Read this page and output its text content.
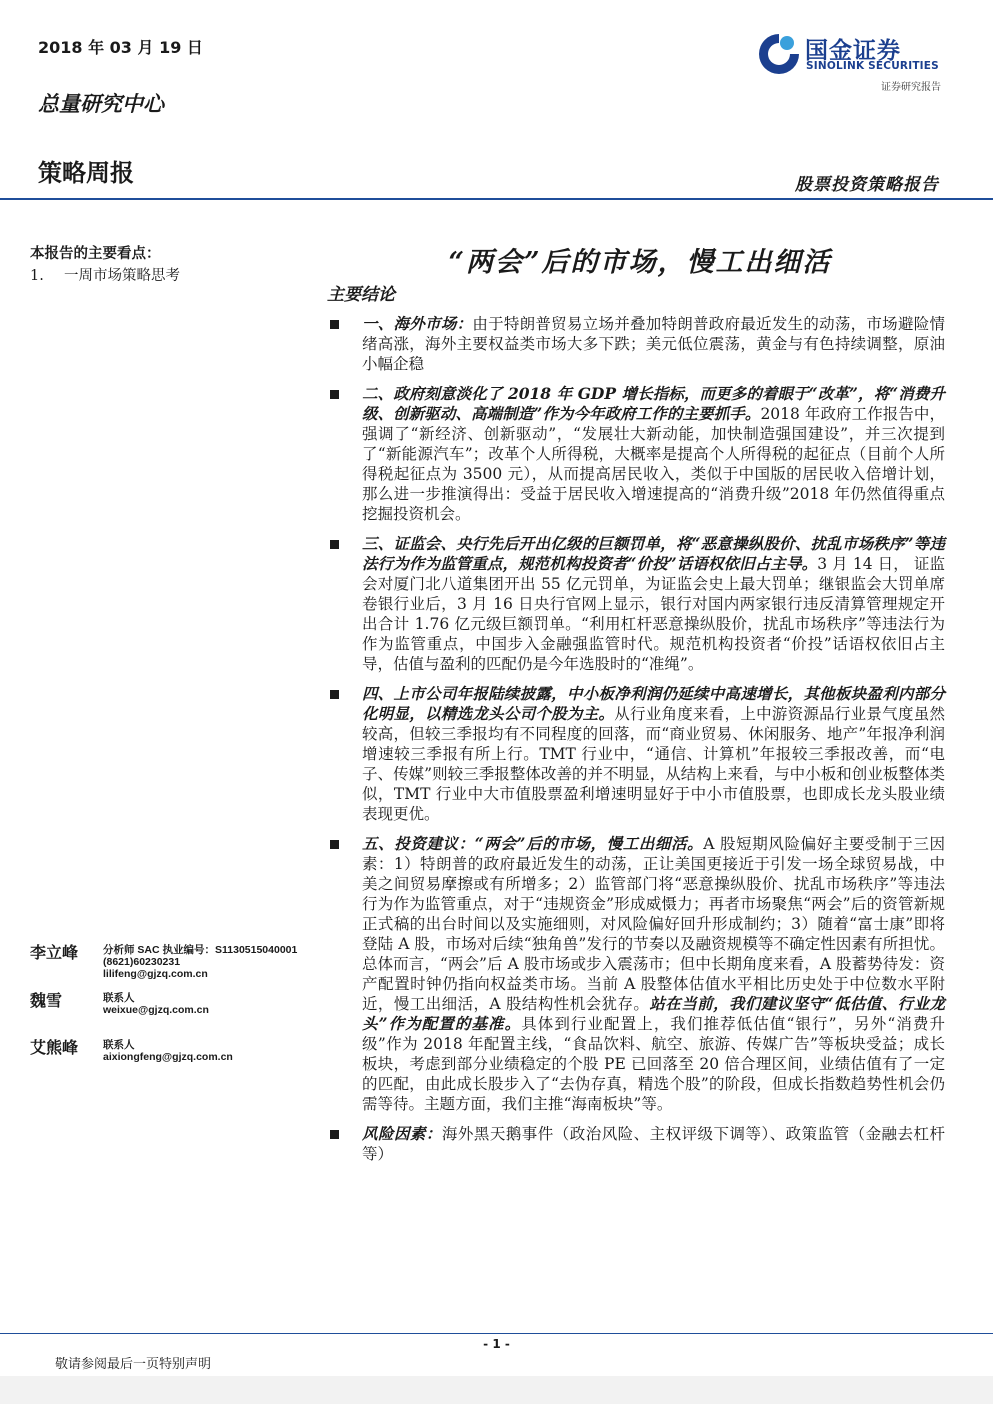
2018 年 03 月 19 日
总量研究中心
策略周报	股票投资策略报告
国金证券
SINOLINK SECURITIES
证券研究报告
本报告的主要看点：
1. 一周市场策略思考	“两会”后的市场，慢工出细活
主要结论

一、海外市场：由于特朗普贸易立场并叠加特朗普政府最近发生的动荡，市场避险情绪高涨，海外主要权益类市场大多下跌；美元低位震荡，黄金与有色持续调整，原油小幅企稳

二、政府刻意淡化了 2018 年 GDP 增长指标，而更多的着眼于“改革”，将“消费升级、创新驱动、高端制造”作为今年政府工作的主要抓手。2018 年政府工作报告中，强调了“新经济、创新驱动”，“发展壮大新动能，加快制造强国建设”，并三次提到了“新能源汽车”；改革个人所得税，大概率是提高个人所得税的起征点（目前个人所得税起征点为 3500 元），从而提高居民收入，类似于中国版的居民收入倍增计划，那么进一步推演得出：受益于居民收入增速提高的“消费升级”2018 年仍然值得重点挖掘投资机会。

三、证监会、央行先后开出亿级的巨额罚单，将“恶意操纵股价、扰乱市场秩序”等违法行为作为监管重点，规范机构投资者“价投”话语权依旧占主导。3 月 14 日， 证监会对厦门北八道集团开出 55 亿元罚单，为证监会史上最大罚单；继银监会大罚单席卷银行业后，3 月 16 日央行官网上显示，银行对国内两家银行违反清算管理规定开出合计 1.76 亿元级巨额罚单。“利用杠杆恶意操纵股价，扰乱市场秩序”等违法行为作为监管重点，中国步入金融强监管时代。规范机构投资者“价投”话语权依旧占主导，估值与盈利的匹配仍是今年选股时的“准绳”。

四、上市公司年报陆续披露，中小板净利润仍延续中高速增长，其他板块盈利内部分化明显，以精选龙头公司个股为主。从行业角度来看，上中游资源品行业景气度虽然较高，但较三季报均有不同程度的回落，而“商业贸易、休闲服务、地产”年报净利润增速较三季报有所上行。TMT 行业中，“通信、计算机”年报较三季报改善，而“电子、传媒”则较三季报整体改善的并不明显，从结构上来看，与中小板和创业板整体类似，TMT 行业中大市值股票盈利增速明显好于中小市值股票，也即成长龙头股业绩表现更优。

五、投资建议：“两会”后的市场，慢工出细活。A 股短期风险偏好主要受制于三因素：1）特朗普的政府最近发生的动荡，正让美国更接近于引发一场全球贸易战，中美之间贸易摩擦或有所增多；2）监管部门将“恶意操纵股价、扰乱市场秩序”等违法行为作为监管重点，对于“违规资金”形成威慑力；再者市场聚焦“两会”后的资管新规正式稿的出台时间以及实施细则，对风险偏好回升形成制约；3）随着“富士康”即将登陆 A 股，市场对后续“独角兽”发行的节奏以及融资规模等不确定性因素有所担忧。总体而言，“两会”后 A 股市场或步入震荡市；但中长期角度来看，A 股蓄势待发：资产配置时钟仍指向权益类市场。当前 A 股整体估值水平相比历史处于中位数水平附近，慢工出细活，A 股结构性机会犹存。站在当前，我们建议坚守“低估值、行业龙头”作为配置的基准。具体到行业配置上，我们推荐低估值“银行”，另外“消费升级”作为 2018 年配置主线，“食品饮料、航空、旅游、传媒广告”等板块受益；成长板块，考虑到部分业绩稳定的个股 PE 已回落至 20 倍合理区间，业绩估值有了一定的匹配，由此成长股步入了“去伪存真，精选个股”的阶段，但成长指数趋势性机会仍需等待。主题方面，我们主推“海南板块”等。

风险因素：海外黑天鹅事件（政治风险、主权评级下调等）、政策监管（金融去杠杆等）

李立峰	分析师 SAC 执业编号：S1130515040001
(8621)60230231
lilifeng@gjzq.com.cn
魏雪	联系人
weixue@gjzq.com.cn
艾熊峰	联系人
aixiongfeng@gjzq.com.cn
- 1 -
敬请参阅最后一页特别声明
